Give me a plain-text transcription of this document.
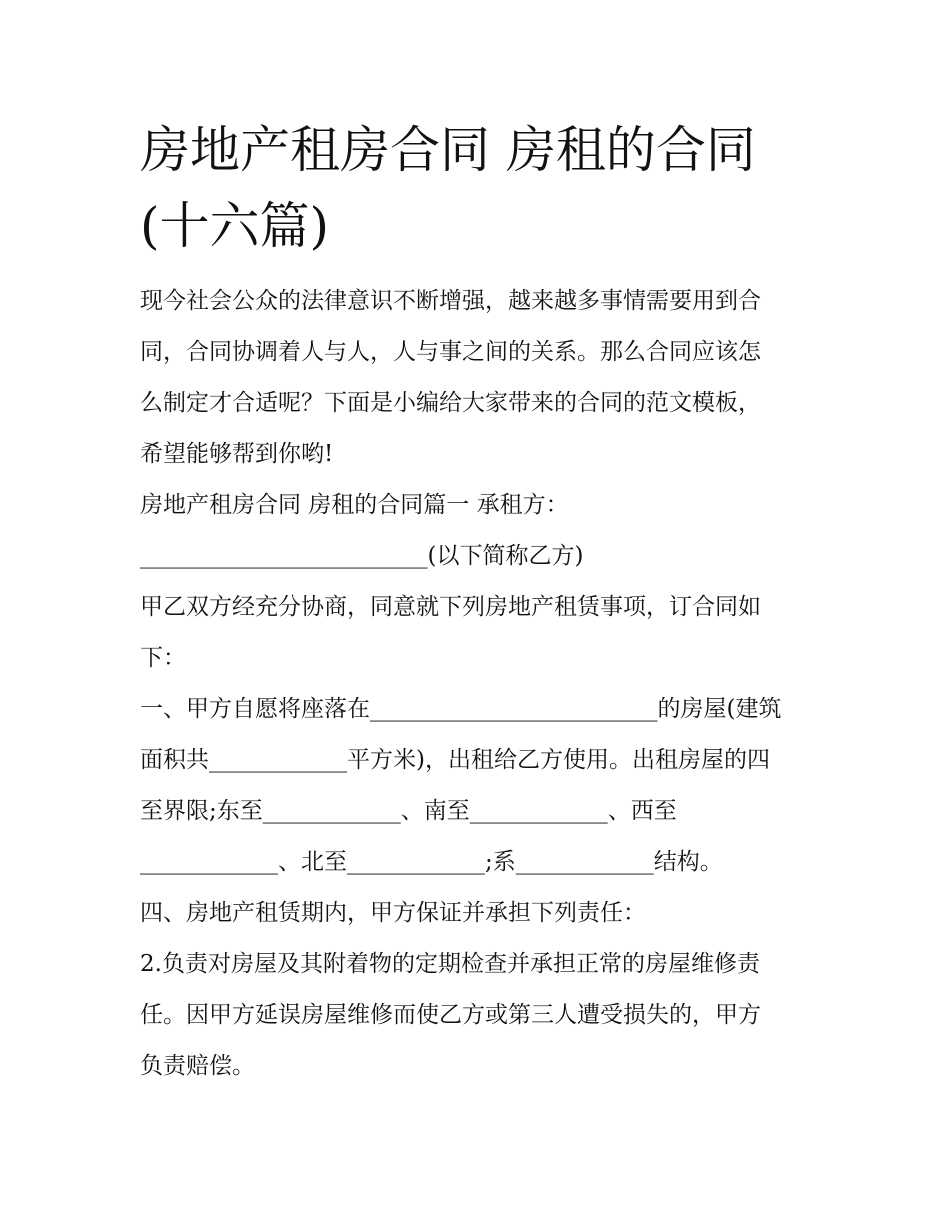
房地产租房合同 房租的合同
(十六篇)
现今社会公众的法律意识不断增强，越来越多事情需要用到合
同，合同协调着人与人，人与事之间的关系。那么合同应该怎
么制定才合适呢？下面是小编给大家带来的合同的范文模板，
希望能够帮到你哟!
房地产租房合同 房租的合同篇一 承租方：
_________________________(以下简称乙方)
甲乙双方经充分协商，同意就下列房地产租赁事项，订合同如
下：
一、甲方自愿将座落在_________________________的房屋(建筑
面积共____________平方米)，出租给乙方使用。出租房屋的四
至界限;东至____________、南至____________、西至
____________、北至____________;系____________结构。
四、房地产租赁期内，甲方保证并承担下列责任：
2.负责对房屋及其附着物的定期检查并承担正常的房屋维修责
任。因甲方延误房屋维修而使乙方或第三人遭受损失的，甲方
负责赔偿。
